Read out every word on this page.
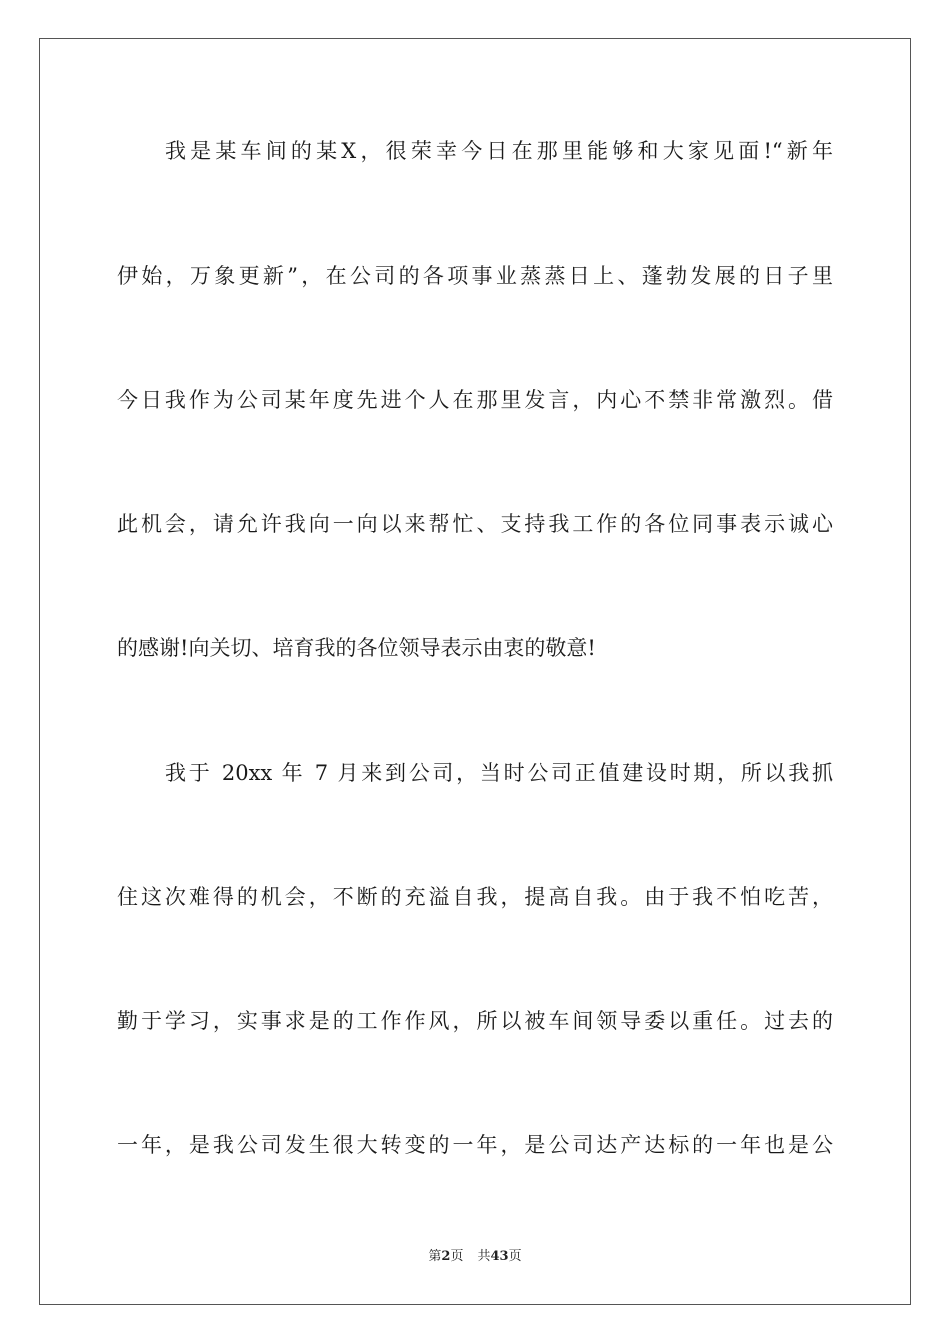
我是某车间的某X，很荣幸今日在那里能够和大家见面!“新年
伊始，万象更新”，在公司的各项事业蒸蒸日上、蓬勃发展的日子里
今日我作为公司某年度先进个人在那里发言，内心不禁非常激烈。借
此机会，请允许我向一向以来帮忙、支持我工作的各位同事表示诚心
的感谢!向关切、培育我的各位领导表示由衷的敬意!
我于 20xx 年 7 月来到公司，当时公司正值建设时期，所以我抓
住这次难得的机会，不断的充溢自我，提高自我。由于我不怕吃苦，
勤于学习，实事求是的工作作风，所以被车间领导委以重任。过去的
一年，是我公司发生很大转变的一年，是公司达产达标的一年也是公
第2页 共43页
